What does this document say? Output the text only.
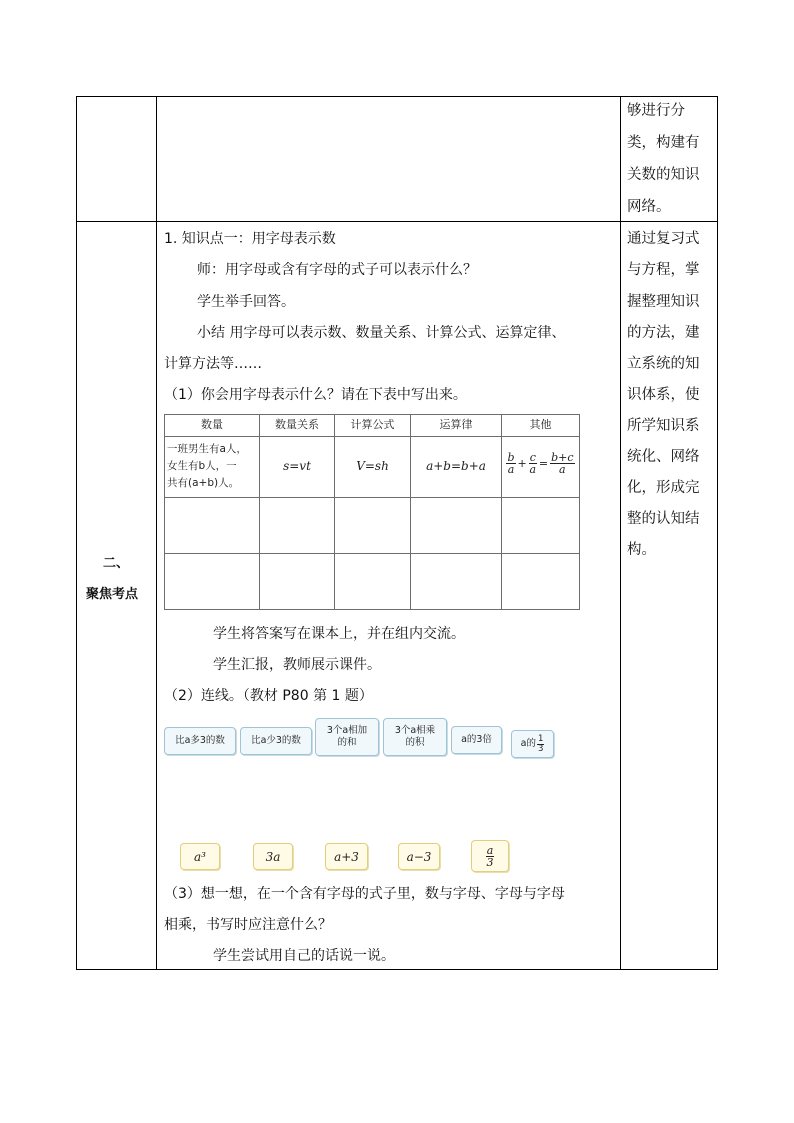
够进行分
类，构建有
关数的知识
网络。
二、
聚焦考点
1. 知识点一：用字母表示数
师：用字母或含有字母的式子可以表示什么？
学生举手回答。
小结 用字母可以表示数、数量关系、计算公式、运算定律、
计算方法等……
（1）你会用字母表示什么？请在下表中写出来。
数量	数量关系	计算公式	运算律	其他
一班男生有a人，
女生有b人，一
共有(a+b)人。
s=vt	V=sh	a+b=b+a	$\frac{b}{a} + \frac{c}{a} = \frac{b+c}{a}$
学生将答案写在课本上，并在组内交流。
学生汇报，教师展示课件。
（2）连线。（教材 P80 第 1 题）
比a多3的数	比a少3的数
3个a相加
的和
3个a相乘
的积	a的3倍	a的 $\frac{1}{3}$
a³	3a	a+3	a−3	$\frac{a}{3}$
（3）想一想，在一个含有字母的式子里，数与字母、字母与字母
相乘，书写时应注意什么？
学生尝试用自己的话说一说。
通过复习式
与方程，掌
握整理知识
的方法，建
立系统的知
识体系，使
所学知识系
统化、网络
化，形成完
整的认知结
构。
